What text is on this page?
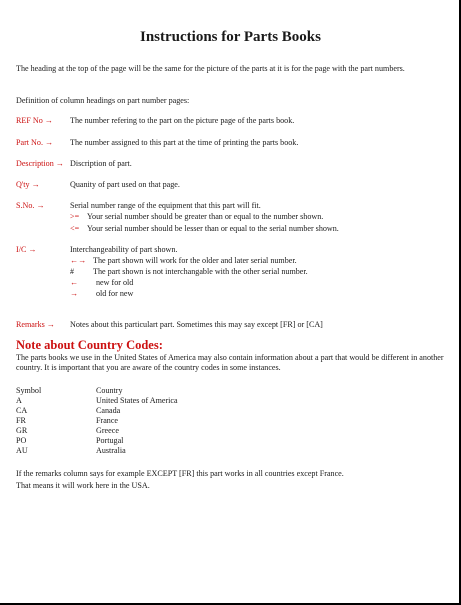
Instructions for Parts Books
The heading at the top of the page will be the same for the picture of the parts at it is for the page with the part numbers.
Definition of column headings on part number pages:
REF No → The number refering to the part on the picture page of the parts book.
Part No. → The number assigned to this part at the time of printing the parts book.
Description → Discription of part.
Q'ty →	Quanity of part used on that page.
S.No. →	Serial number range of the equipment that this part will fit.
>= Your serial number should be greater than or equal to the number shown.
<= Your serial number should be lesser than or equal to the serial number shown.
I/C →	Interchangeability of part shown.
←→ The part shown will work for the older and later serial number.
# The part shown is not interchangable with the other serial number.
← new for old
→ old for new
Remarks → Notes about this particulart part. Sometimes this may say except [FR] or [CA]
Note about Country Codes:
The parts books we use in the United States of America may also contain information about a part that would be different in another country. It is important that you are aware of the country codes in some instances.
Symbol	Country
A	United States of America
CA	Canada
FR	France
GR	Greece
PO	Portugal
AU	Australia
If the remarks column says for example EXCEPT [FR] this part works in all countries except France.
That means it will work here in the USA.
